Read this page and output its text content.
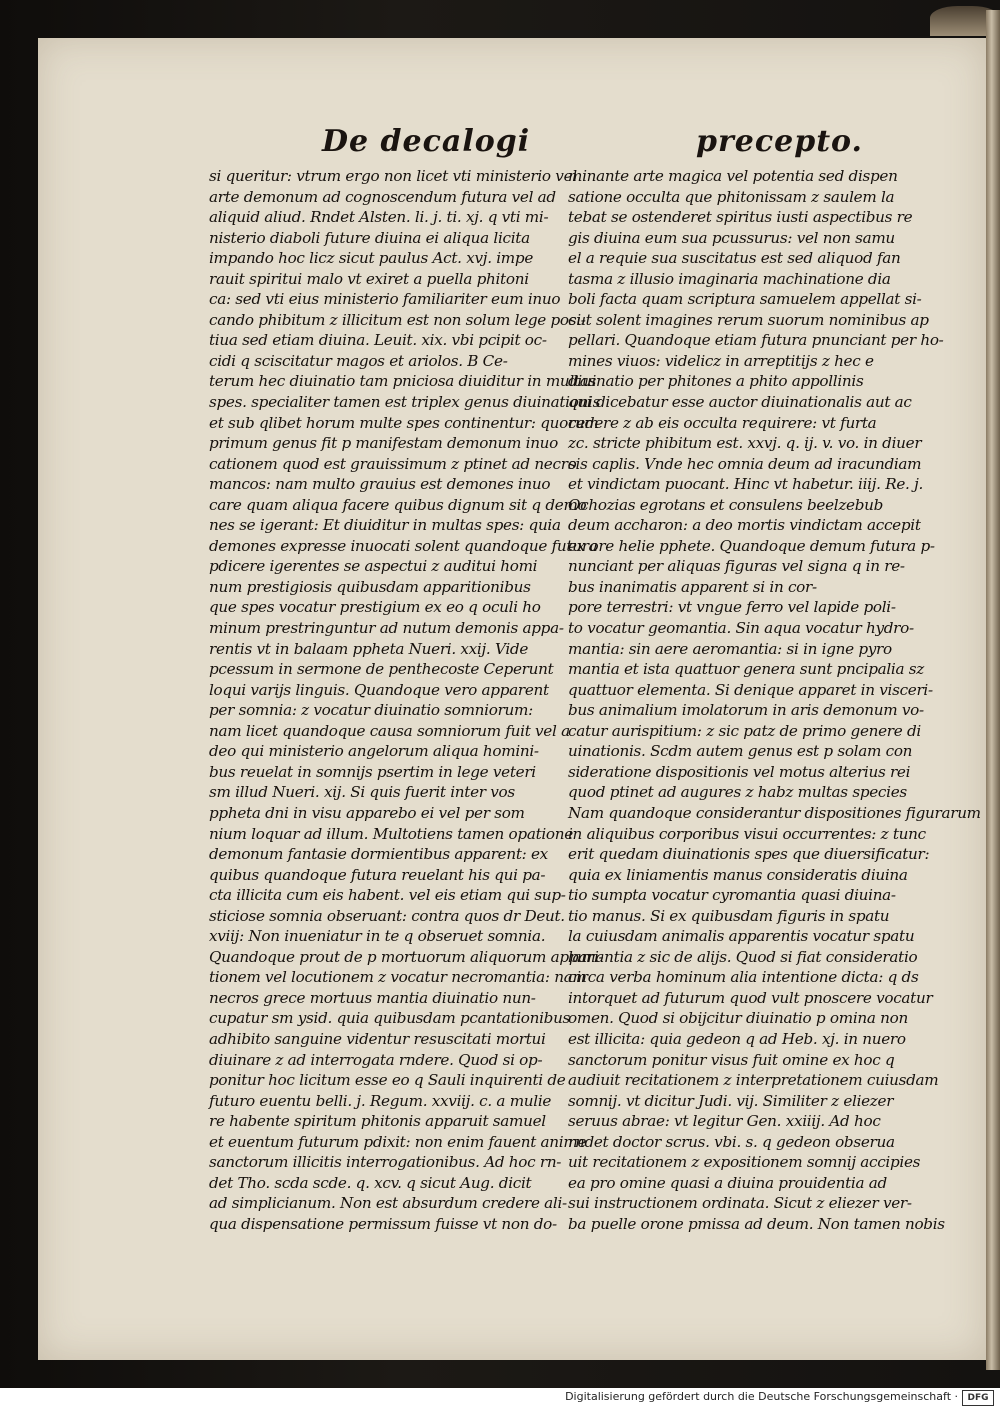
De decalogi	precepto.
si queritur: vtrum ergo non licet vti ministerio vel
arte demonum ad cognoscendum futura vel ad
aliquid aliud. Rndet Alsten. li. j. ti. xj. q vti mi-
nisterio diaboli future diuina ei aliqua licita
impando hoc licz sicut paulus Act. xvj. impe
rauit spiritui malo vt exiret a puella phitoni
ca: sed vti eius ministerio familiariter eum inuo
cando phibitum z illicitum est non solum lege posi-
tiua sed etiam diuina. Leuit. xix. vbi pcipit oc-
cidi q sciscitatur magos et ariolos. B Ce-
terum hec diuinatio tam pniciosa diuiditur in multas
spes. specialiter tamen est triplex genus diuinationis
et sub qlibet horum multe spes continentur: quorum
primum genus fit p manifestam demonum inuo
cationem quod est grauissimum z ptinet ad necro
mancos: nam multo grauius est demones inuo
care quam aliqua facere quibus dignum sit q demo
nes se igerant: Et diuiditur in multas spes: quia
demones expresse inuocati solent quandoque futura
pdicere igerentes se aspectui z auditui homi
num prestigiosis quibusdam apparitionibus
que spes vocatur prestigium ex eo q oculi ho
minum prestringuntur ad nutum demonis appa-
rentis vt in balaam ppheta Nueri. xxij. Vide
pcessum in sermone de penthecoste Ceperunt
loqui varijs linguis. Quandoque vero apparent
per somnia: z vocatur diuinatio somniorum:
nam licet quandoque causa somniorum fuit vel a
deo qui ministerio angelorum aliqua homini-
bus reuelat in somnijs psertim in lege veteri
sm illud Nueri. xij. Si quis fuerit inter vos
ppheta dni in visu apparebo ei vel per som
nium loquar ad illum. Multotiens tamen opatione
demonum fantasie dormientibus apparent: ex
quibus quandoque futura reuelant his qui pa-
cta illicita cum eis habent. vel eis etiam qui sup-
sticiose somnia obseruant: contra quos dr Deut.
xviij: Non inueniatur in te q obseruet somnia.
Quandoque prout de p mortuorum aliquorum appari-
tionem vel locutionem z vocatur necromantia: nam
necros grece mortuus mantia diuinatio nun-
cupatur sm ysid. quia quibusdam pcantationibus
adhibito sanguine videntur resuscitati mortui
diuinare z ad interrogata rndere. Quod si op-
ponitur hoc licitum esse eo q Sauli inquirenti de
futuro euentu belli. j. Regum. xxviij. c. a mulie
re habente spiritum phitonis apparuit samuel
et euentum futurum pdixit: non enim fauent anime
sanctorum illicitis interrogationibus. Ad hoc rn-
det Tho. scda scde. q. xcv. q sicut Aug. dicit
ad simplicianum. Non est absurdum credere ali-
qua dispensatione permissum fuisse vt non do-
minante arte magica vel potentia sed dispen
satione occulta que phitonissam z saulem la
tebat se ostenderet spiritus iusti aspectibus re
gis diuina eum sua pcussurus: vel non samu
el a requie sua suscitatus est sed aliquod fan
tasma z illusio imaginaria machinatione dia
boli facta quam scriptura samuelem appellat si-
cut solent imagines rerum suorum nominibus ap
pellari. Quandoque etiam futura pnunciant per ho-
mines viuos: videlicz in arreptitijs z hec e
diuinatio per phitones a phito appollinis
qui dicebatur esse auctor diuinationalis aut ac
cedere z ab eis occulta requirere: vt furta
zc. stricte phibitum est. xxvj. q. ij. v. vo. in diuer
sis caplis. Vnde hec omnia deum ad iracundiam
et vindictam puocant. Hinc vt habetur. iiij. Re. j.
Ochozias egrotans et consulens beelzebub
deum accharon: a deo mortis vindictam accepit
ex ore helie pphete. Quandoque demum futura p-
nunciant per aliquas figuras vel signa q in re-
bus inanimatis apparent si in cor-
pore terrestri: vt vngue ferro vel lapide poli-
to vocatur geomantia. Sin aqua vocatur hydro-
mantia: sin aere aeromantia: si in igne pyro
mantia et ista quattuor genera sunt pncipalia sz
quattuor elementa. Si denique apparet in visceri-
bus animalium imolatorum in aris demonum vo-
catur aurispitium: z sic patz de primo genere di
uinationis. Scdm autem genus est p solam con
sideratione dispositionis vel motus alterius rei
quod ptinet ad augures z habz multas species
Nam quandoque considerantur dispositiones figurarum
in aliquibus corporibus visui occurrentes: z tunc
erit quedam diuinationis spes que diuersificatur:
quia ex liniamentis manus consideratis diuina
tio sumpta vocatur cyromantia quasi diuina-
tio manus. Si ex quibusdam figuris in spatu
la cuiusdam animalis apparentis vocatur spatu
lamantia z sic de alijs. Quod si fiat consideratio
circa verba hominum alia intentione dicta: q ds
intorquet ad futurum quod vult pnoscere vocatur
omen. Quod si obijcitur diuinatio p omina non
est illicita: quia gedeon q ad Heb. xj. in nuero
sanctorum ponitur visus fuit omine ex hoc q
audiuit recitationem z interpretationem cuiusdam
somnij. vt dicitur Judi. vij. Similiter z eliezer
seruus abrae: vt legitur Gen. xxiiij. Ad hoc
rndet doctor scrus. vbi. s. q gedeon obserua
uit recitationem z expositionem somnij accipies
ea pro omine quasi a diuina prouidentia ad
sui instructionem ordinata. Sicut z eliezer ver-
ba puelle orone pmissa ad deum. Non tamen nobis
Digitalisierung gefördert durch die Deutsche Forschungsgemeinschaft ·	DFG
